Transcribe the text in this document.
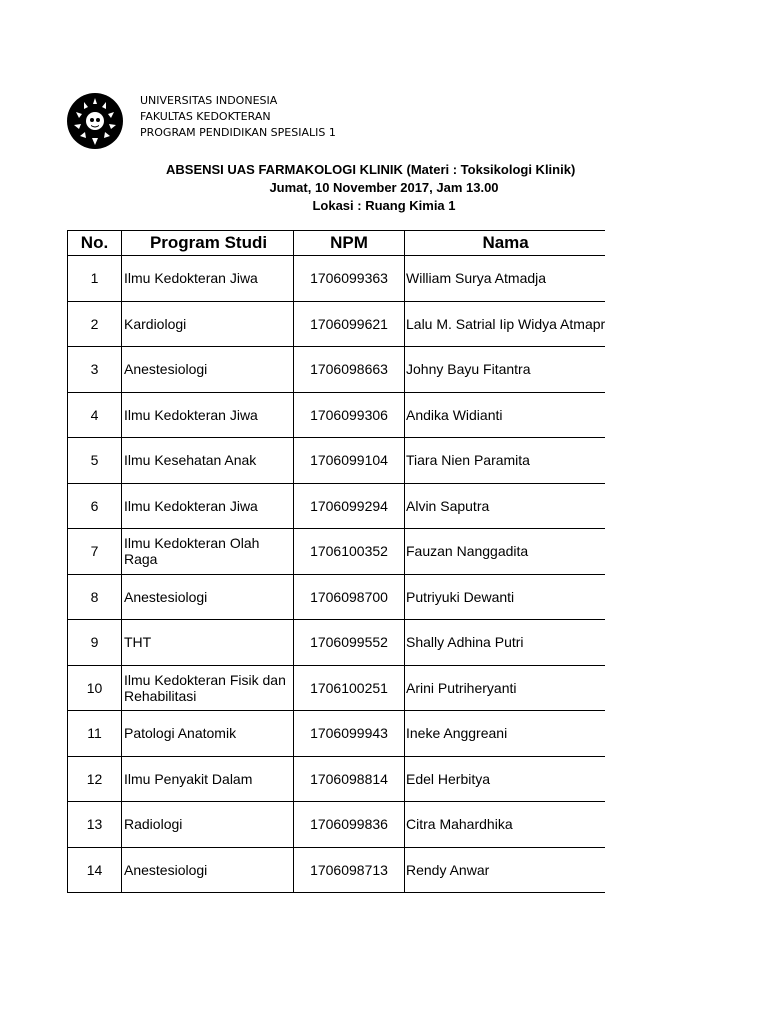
UNIVERSITAS INDONESIA
FAKULTAS KEDOKTERAN
PROGRAM PENDIDIKAN SPESIALIS 1
ABSENSI UAS FARMAKOLOGI KLINIK (Materi : Toksikologi Klinik)
Jumat, 10 November 2017, Jam 13.00
Lokasi : Ruang Kimia 1
No.	Program Studi	NPM	Nama
1	Ilmu Kedokteran Jiwa	1706099363	William Surya Atmadja
2	Kardiologi	1706099621	Lalu M. Satrial Iip Widya Atmapr
3	Anestesiologi	1706098663	Johny Bayu Fitantra
4	Ilmu Kedokteran Jiwa	1706099306	Andika Widianti
5	Ilmu Kesehatan Anak	1706099104	Tiara Nien Paramita
6	Ilmu Kedokteran Jiwa	1706099294	Alvin Saputra
7	Ilmu Kedokteran Olah Raga	1706100352	Fauzan Nanggadita
8	Anestesiologi	1706098700	Putriyuki Dewanti
9	THT	1706099552	Shally Adhina Putri
10	Ilmu Kedokteran Fisik dan Rehabilitasi	1706100251	Arini Putriheryanti
11	Patologi Anatomik	1706099943	Ineke Anggreani
12	Ilmu Penyakit Dalam	1706098814	Edel Herbitya
13	Radiologi	1706099836	Citra Mahardhika
14	Anestesiologi	1706098713	Rendy Anwar
